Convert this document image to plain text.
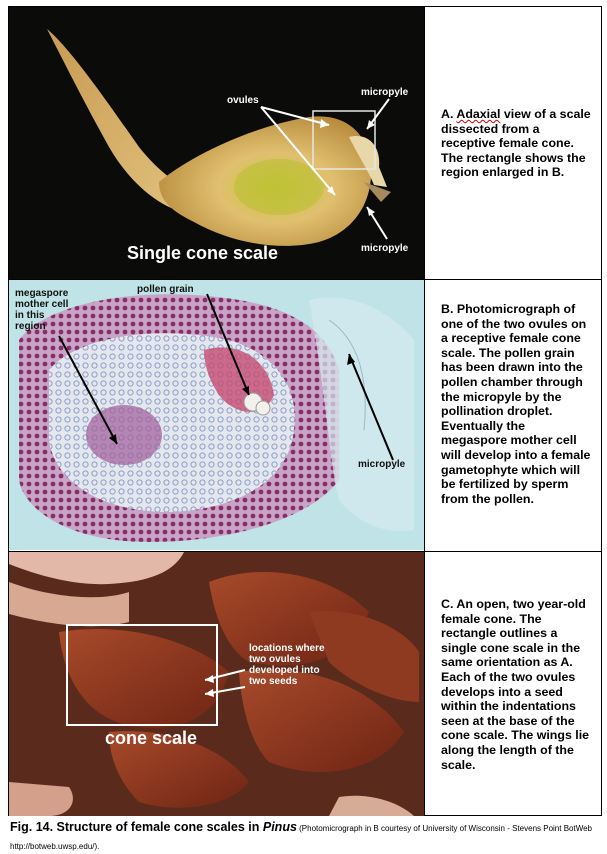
ovules
micropyle
micropyle
Single cone scale
A. Adaxial view of a scale dissected from a receptive female cone. The rectangle shows the region enlarged in B.
megaspore
mother cell
in this
region
pollen grain
micropyle
B. Photomicrograph of one of the two ovules on a receptive female cone scale. The pollen grain has been drawn into the pollen chamber through the micropyle by the pollination droplet. Eventually the megaspore mother cell will develop into a female gametophyte which will be fertilized by sperm from the pollen.
locations where
two ovules
developed into
two seeds
cone scale
C. An open, two year-old female cone. The rectangle outlines a single cone scale in the same orientation as A. Each of the two ovules develops into a seed within the indentations seen at the base of the cone scale. The wings lie along the length of the scale.
Fig. 14. Structure of female cone scales in Pinus (Photomicrograph in B courtesy of University of Wisconsin - Stevens Point BotWeb http://botweb.uwsp.edu/).
